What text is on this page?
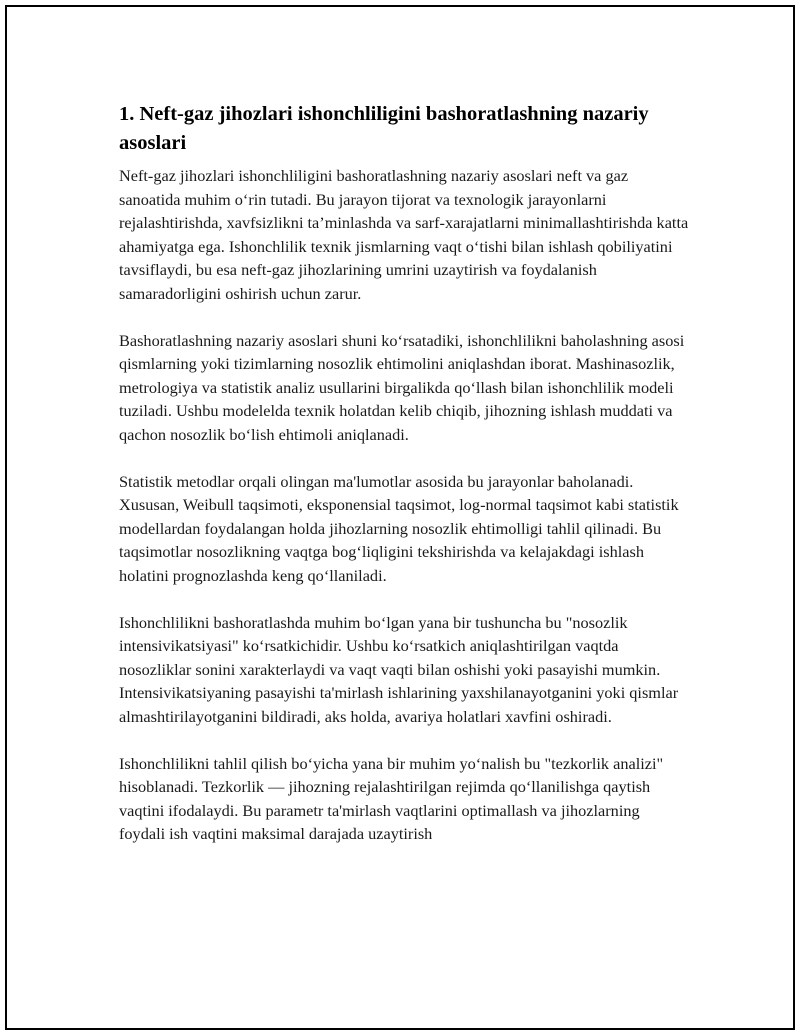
1. Neft-gaz jihozlari ishonchliligini bashoratlashning nazariy asoslari

Neft-gaz jihozlari ishonchliligini bashoratlashning nazariy asoslari neft va gaz sanoatida muhim oʻrin tutadi. Bu jarayon tijorat va texnologik jarayonlarni rejalashtirishda, xavfsizlikni ta’minlashda va sarf-xarajatlarni minimallashtirishda katta ahamiyatga ega. Ishonchlilik texnik jismlarning vaqt oʻtishi bilan ishlash qobiliyatini tavsiflaydi, bu esa neft-gaz jihozlarining umrini uzaytirish va foydalanish samaradorligini oshirish uchun zarur.

Bashoratlashning nazariy asoslari shuni koʻrsatadiki, ishonchlilikni baholashning asosi qismlarning yoki tizimlarning nosozlik ehtimolini aniqlashdan iborat. Mashinasozlik, metrologiya va statistik analiz usullarini birgalikda qoʻllash bilan ishonchlilik modeli tuziladi. Ushbu modelelda texnik holatdan kelib chiqib, jihozning ishlash muddati va qachon nosozlik boʻlish ehtimoli aniqlanadi.

Statistik metodlar orqali olingan ma'lumotlar asosida bu jarayonlar baholanadi. Xususan, Weibull taqsimoti, eksponensial taqsimot, log-normal taqsimot kabi statistik modellardan foydalangan holda jihozlarning nosozlik ehtimolligi tahlil qilinadi. Bu taqsimotlar nosozlikning vaqtga bogʻliqligini tekshirishda va kelajakdagi ishlash holatini prognozlashda keng qoʻllaniladi.

Ishonchlilikni bashoratlashda muhim boʻlgan yana bir tushuncha bu "nosozlik intensivikatsiyasi" koʻrsatkichidir. Ushbu koʻrsatkich aniqlashtirilgan vaqtda nosozliklar sonini xarakterlaydi va vaqt vaqti bilan oshishi yoki pasayishi mumkin. Intensivikatsiyaning pasayishi ta'mirlash ishlarining yaxshilanayotganini yoki qismlar almashtirilayotganini bildiradi, aks holda, avariya holatlari xavfini oshiradi.

Ishonchlilikni tahlil qilish boʻyicha yana bir muhim yoʻnalish bu "tezkorlik analizi" hisoblanadi. Tezkorlik — jihozning rejalashtirilgan rejimda qoʻllanilishga qaytish vaqtini ifodalaydi. Bu parametr ta'mirlash vaqtlarini optimallash va jihozlarning foydali ish vaqtini maksimal darajada uzaytirish
